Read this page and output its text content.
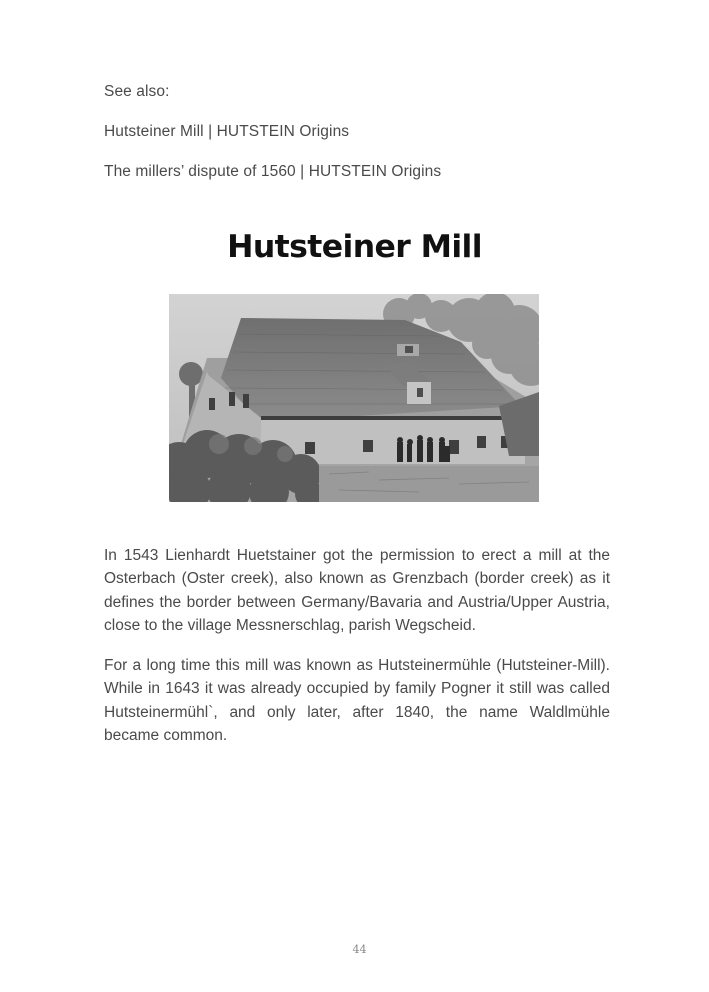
See also:

Hutsteiner Mill | HUTSTEIN Origins

The millers’ dispute of 1560 | HUTSTEIN Origins

Hutsteiner Mill

In 1543 Lienhardt Huetstainer got the permission to erect a mill at the Osterbach (Oster creek), also known as Grenzbach (border creek) as it defines the border between Germany/Bavaria and Austria/Upper Austria, close to the village Messnerschlag, parish Wegscheid.

For a long time this mill was known as Hutsteinermühle (Hutsteiner-Mill). While in 1643 it was already occupied by family Pogner it still was called Hutsteinermühl`, and only later, after 1840, the name Waldlmühle became common.

44
